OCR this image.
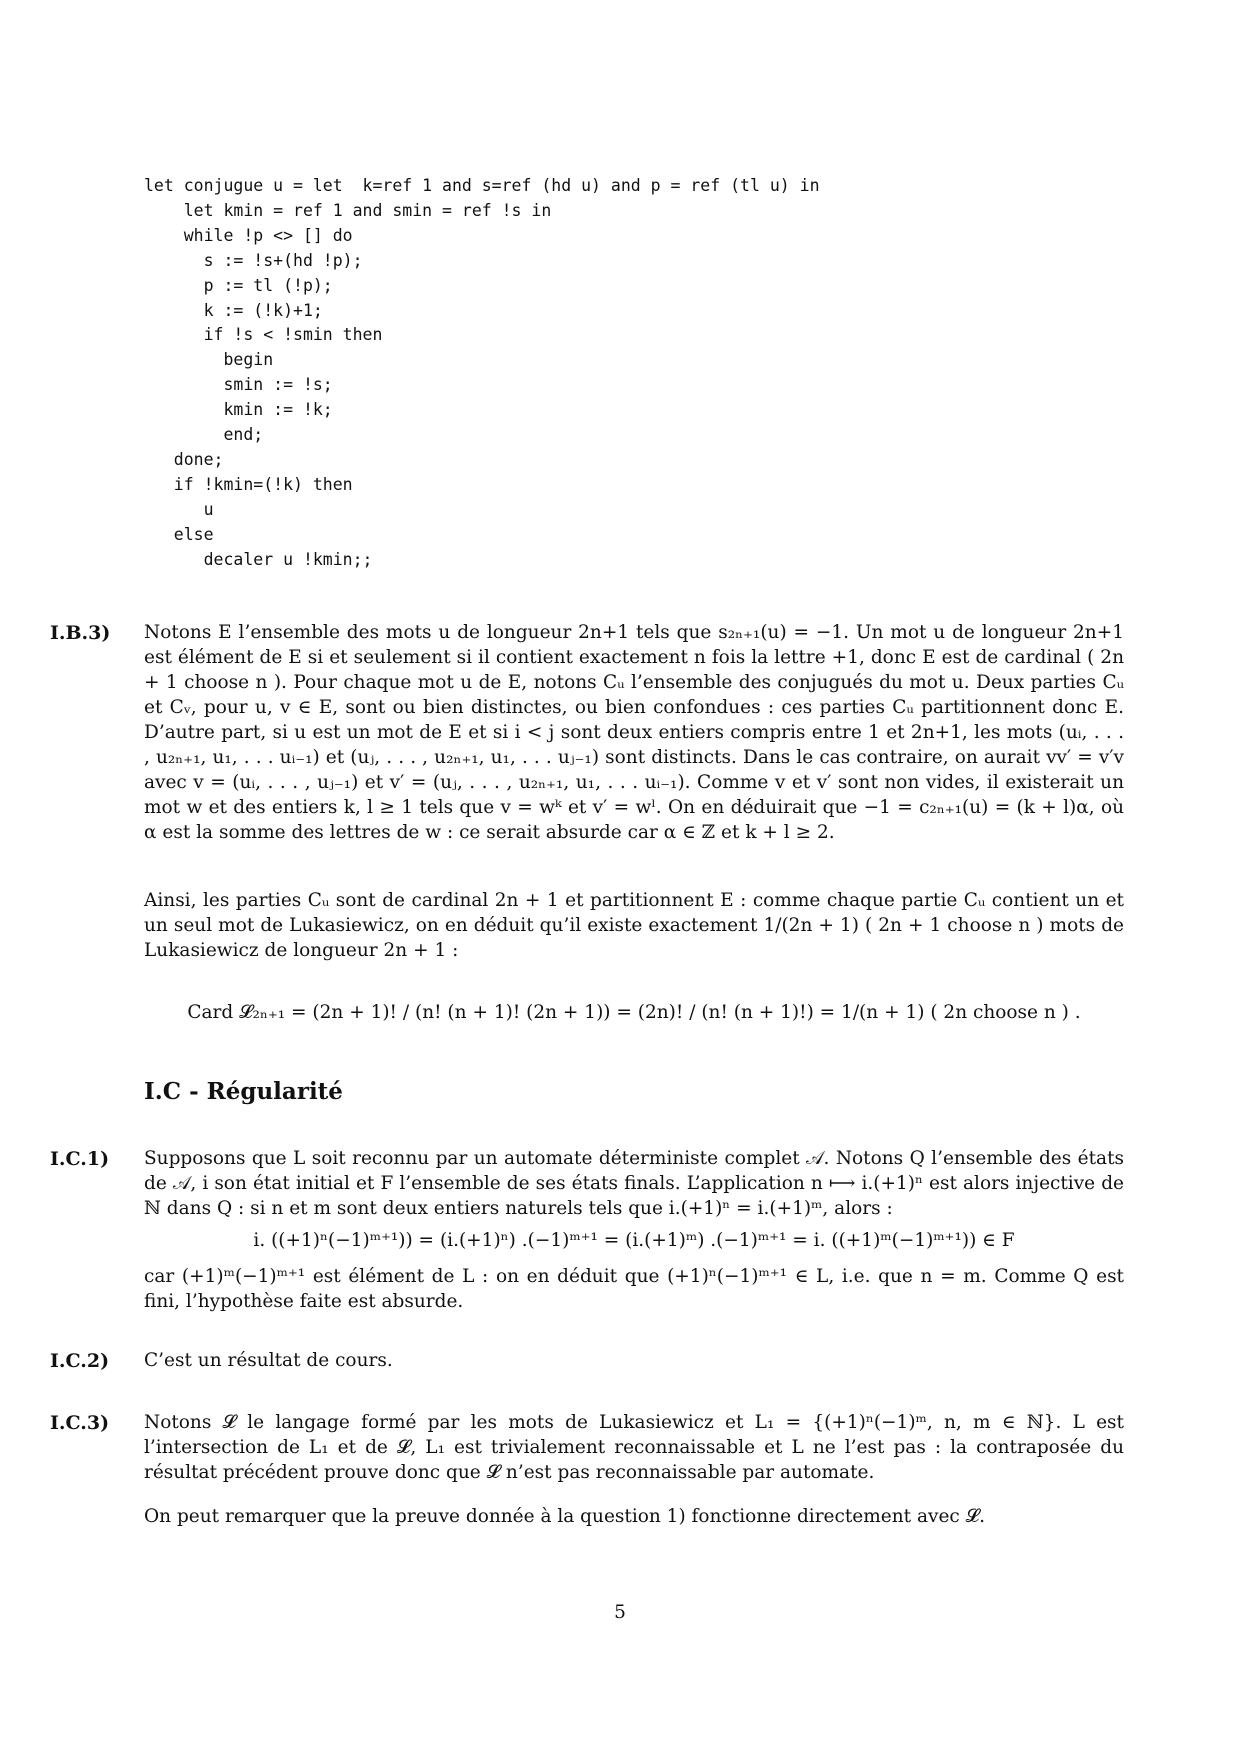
let conjugue u = let  k=ref 1 and s=ref (hd u) and p = ref (tl u) in
let kmin = ref 1 and smin = ref !s in
while !p <> [] do
s := !s+(hd !p);
p := tl (!p);
k := (!k)+1;
if !s < !smin then
begin
smin := !s;
kmin := !k;
end;
done;
if !kmin=(!k) then
u
else
decaler u !kmin;;
I.B.3) Notons E l’ensemble des mots u de longueur 2n+1 tels que s₂ₙ₊₁(u) = −1. Un mot u de longueur 2n+1 est élément de E si et seulement si il contient exactement n fois la lettre +1, donc E est de cardinal ( 2n + 1 choose n ). Pour chaque mot u de E, notons Cᵤ l’ensemble des conjugués du mot u. Deux parties Cᵤ et Cᵥ, pour u, v ∈ E, sont ou bien distinctes, ou bien confondues : ces parties Cᵤ partitionnent donc E. D’autre part, si u est un mot de E et si i < j sont deux entiers compris entre 1 et 2n+1, les mots (uᵢ, . . . , u₂ₙ₊₁, u₁, . . . uᵢ₋₁) et (uⱼ, . . . , u₂ₙ₊₁, u₁, . . . uⱼ₋₁) sont distincts. Dans le cas contraire, on aurait vv′ = v′v avec v = (uᵢ, . . . , uⱼ₋₁) et v′ = (uⱼ, . . . , u₂ₙ₊₁, u₁, . . . uᵢ₋₁). Comme v et v′ sont non vides, il existerait un mot w et des entiers k, l ≥ 1 tels que v = wᵏ et v′ = wˡ. On en déduirait que −1 = c₂ₙ₊₁(u) = (k + l)α, où α est la somme des lettres de w : ce serait absurde car α ∈ ℤ et k + l ≥ 2.
Ainsi, les parties Cᵤ sont de cardinal 2n + 1 et partitionnent E : comme chaque partie Cᵤ contient un et un seul mot de Lukasiewicz, on en déduit qu’il existe exactement 1/(2n + 1) ( 2n + 1 choose n ) mots de Lukasiewicz de longueur 2n + 1 :
Card 𝓛₂ₙ₊₁ = (2n + 1)! / (n! (n + 1)! (2n + 1)) = (2n)! / (n! (n + 1)!) = 1/(n + 1) ( 2n choose n ) .
I.C - Régularité
I.C.1) Supposons que L soit reconnu par un automate déterministe complet 𝒜. Notons Q l’ensemble des états de 𝒜, i son état initial et F l’ensemble de ses états finals. L’application n ⟼ i.(+1)ⁿ est alors injective de ℕ dans Q : si n et m sont deux entiers naturels tels que i.(+1)ⁿ = i.(+1)ᵐ, alors :
i. ((+1)ⁿ(−1)ᵐ⁺¹)) = (i.(+1)ⁿ) .(−1)ᵐ⁺¹ = (i.(+1)ᵐ) .(−1)ᵐ⁺¹ = i. ((+1)ᵐ(−1)ᵐ⁺¹)) ∈ F
car (+1)ᵐ(−1)ᵐ⁺¹ est élément de L : on en déduit que (+1)ⁿ(−1)ᵐ⁺¹ ∈ L, i.e. que n = m. Comme Q est fini, l’hypothèse faite est absurde.
I.C.2) C’est un résultat de cours.
I.C.3) Notons 𝓛 le langage formé par les mots de Lukasiewicz et L₁ = {(+1)ⁿ(−1)ᵐ, n, m ∈ ℕ}. L est l’intersection de L₁ et de 𝓛, L₁ est trivialement reconnaissable et L ne l’est pas : la contraposée du résultat précédent prouve donc que 𝓛 n’est pas reconnaissable par automate.
On peut remarquer que la preuve donnée à la question 1) fonctionne directement avec 𝓛.
5
